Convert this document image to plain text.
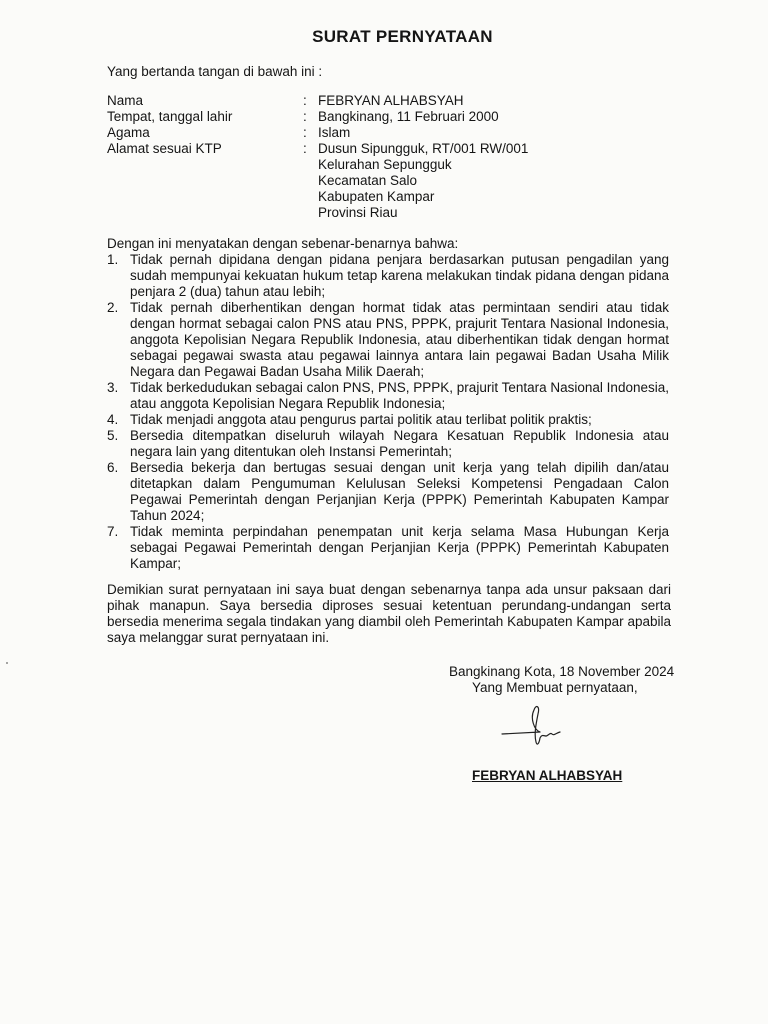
SURAT PERNYATAAN
Yang bertanda tangan di bawah ini :
Nama	: FEBRYAN ALHABSYAH
Tempat, tanggal lahir	: Bangkinang, 11 Februari 2000
Agama	: Islam
Alamat sesuai KTP	: Dusun Sipungguk, RT/001 RW/001
Kelurahan Sepungguk
Kecamatan Salo
Kabupaten Kampar
Provinsi Riau
Dengan ini menyatakan dengan sebenar-benarnya bahwa:
1. Tidak pernah dipidana dengan pidana penjara berdasarkan putusan pengadilan yang sudah mempunyai kekuatan hukum tetap karena melakukan tindak pidana dengan pidana penjara 2 (dua) tahun atau lebih;
2. Tidak pernah diberhentikan dengan hormat tidak atas permintaan sendiri atau tidak dengan hormat sebagai calon PNS atau PNS, PPPK, prajurit Tentara Nasional Indonesia, anggota Kepolisian Negara Republik Indonesia, atau diberhentikan tidak dengan hormat sebagai pegawai swasta atau pegawai lainnya antara lain pegawai Badan Usaha Milik Negara dan Pegawai Badan Usaha Milik Daerah;
3. Tidak berkedudukan sebagai calon PNS, PNS, PPPK, prajurit Tentara Nasional Indonesia, atau anggota Kepolisian Negara Republik Indonesia;
4. Tidak menjadi anggota atau pengurus partai politik atau terlibat politik praktis;
5. Bersedia ditempatkan diseluruh wilayah Negara Kesatuan Republik Indonesia atau negara lain yang ditentukan oleh Instansi Pemerintah;
6. Bersedia bekerja dan bertugas sesuai dengan unit kerja yang telah dipilih dan/atau ditetapkan dalam Pengumuman Kelulusan Seleksi Kompetensi Pengadaan Calon Pegawai Pemerintah dengan Perjanjian Kerja (PPPK) Pemerintah Kabupaten Kampar Tahun 2024;
7. Tidak meminta perpindahan penempatan unit kerja selama Masa Hubungan Kerja sebagai Pegawai Pemerintah dengan Perjanjian Kerja (PPPK) Pemerintah Kabupaten Kampar;
Demikian surat pernyataan ini saya buat dengan sebenarnya tanpa ada unsur paksaan dari pihak manapun. Saya bersedia diproses sesuai ketentuan perundang-undangan serta bersedia menerima segala tindakan yang diambil oleh Pemerintah Kabupaten Kampar apabila saya melanggar surat pernyataan ini.
Bangkinang Kota, 18 November 2024
Yang Membuat pernyataan,
FEBRYAN ALHABSYAH
